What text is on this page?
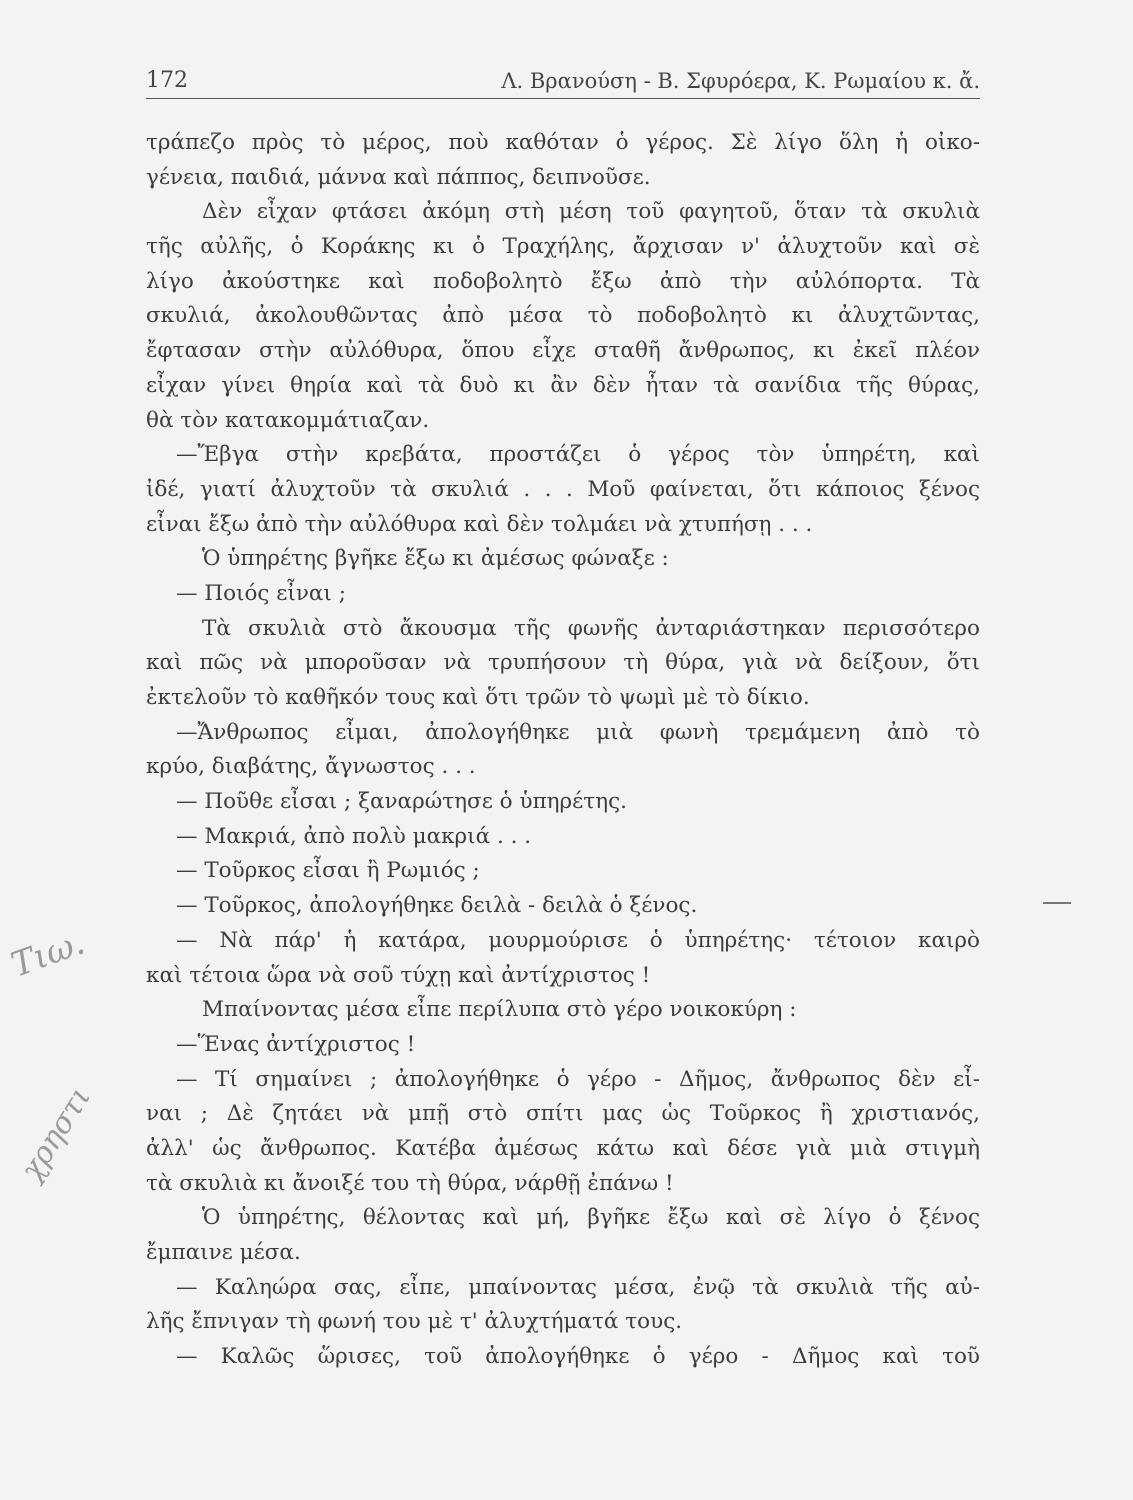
172	Λ. Βρανούση - Β. Σφυρόερα, Κ. Ρωμαίου κ. ἄ.
τράπεζο πρὸς τὸ μέρος, ποὺ καθόταν ὁ γέρος. Σὲ λίγο ὅλη ἡ οἰκο-
γένεια, παιδιά, μάννα καὶ πάππος, δειπνοῦσε.
Δὲν εἶχαν φτάσει ἀκόμη στὴ μέση τοῦ φαγητοῦ, ὅταν τὰ σκυλιὰ
τῆς αὐλῆς, ὁ Κοράκης κι ὁ Τραχήλης, ἄρχισαν ν' ἀλυχτοῦν καὶ σὲ
λίγο ἀκούστηκε καὶ ποδοβολητὸ ἔξω ἀπὸ τὴν αὐλόπορτα. Τὰ
σκυλιά, ἀκολουθῶντας ἀπὸ μέσα τὸ ποδοβολητὸ κι ἀλυχτῶντας,
ἔφτασαν στὴν αὐλόθυρα, ὅπου εἶχε σταθῆ ἄνθρωπος, κι ἐκεῖ πλέον
εἶχαν γίνει θηρία καὶ τὰ δυὸ κι ἂν δὲν ἦταν τὰ σανίδια τῆς θύρας,
θὰ τὸν κατακομμάτιαζαν.
—Ἔβγα στὴν κρεβάτα, προστάζει ὁ γέρος τὸν ὑπηρέτη, καὶ
ἰδέ, γιατί ἀλυχτοῦν τὰ σκυλιά . . . Μοῦ φαίνεται, ὅτι κάποιος ξένος
εἶναι ἔξω ἀπὸ τὴν αὐλόθυρα καὶ δὲν τολμάει νὰ χτυπήσῃ . . .
Ὁ ὑπηρέτης βγῆκε ἔξω κι ἀμέσως φώναξε :
— Ποιός εἶναι ;
Τὰ σκυλιὰ στὸ ἄκουσμα τῆς φωνῆς ἀνταριάστηκαν περισσότερο
καὶ πῶς νὰ μποροῦσαν νὰ τρυπήσουν τὴ θύρα, γιὰ νὰ δείξουν, ὅτι
ἐκτελοῦν τὸ καθῆκόν τους καὶ ὅτι τρῶν τὸ ψωμὶ μὲ τὸ δίκιο.
—Ἄνθρωπος εἶμαι, ἀπολογήθηκε μιὰ φωνὴ τρεμάμενη ἀπὸ τὸ
κρύο, διαβάτης, ἄγνωστος . . .
— Ποῦθε εἶσαι ; ξαναρώτησε ὁ ὑπηρέτης.
— Μακριά, ἀπὸ πολὺ μακριά . . .
— Τοῦρκος εἶσαι ἢ Ρωμιός ;
— Τοῦρκος, ἀπολογήθηκε δειλὰ - δειλὰ ὁ ξένος.
— Νὰ πάρ' ἡ κατάρα, μουρμούρισε ὁ ὑπηρέτης· τέτοιον καιρὸ
καὶ τέτοια ὥρα νὰ σοῦ τύχῃ καὶ ἀντίχριστος !
Μπαίνοντας μέσα εἶπε περίλυπα στὸ γέρο νοικοκύρη :
—Ἕνας ἀντίχριστος !
— Τί σημαίνει ; ἀπολογήθηκε ὁ γέρο - Δῆμος, ἄνθρωπος δὲν εἶ-
ναι ; Δὲ ζητάει νὰ μπῇ στὸ σπίτι μας ὡς Τοῦρκος ἢ χριστιανός,
ἀλλ' ὡς ἄνθρωπος. Κατέβα ἀμέσως κάτω καὶ δέσε γιὰ μιὰ στιγμὴ
τὰ σκυλιὰ κι ἄνοιξέ του τὴ θύρα, νάρθῇ ἐπάνω !
Ὁ ὑπηρέτης, θέλοντας καὶ μή, βγῆκε ἔξω καὶ σὲ λίγο ὁ ξένος
ἔμπαινε μέσα.
— Καληώρα σας, εἶπε, μπαίνοντας μέσα, ἐνῷ τὰ σκυλιὰ τῆς αὐ-
λῆς ἔπνιγαν τὴ φωνή του μὲ τ' ἀλυχτήματά τους.
— Καλῶς ὥρισες, τοῦ ἀπολογήθηκε ὁ γέρο - Δῆμος καὶ τοῦ
Τιω.
χρηστι
